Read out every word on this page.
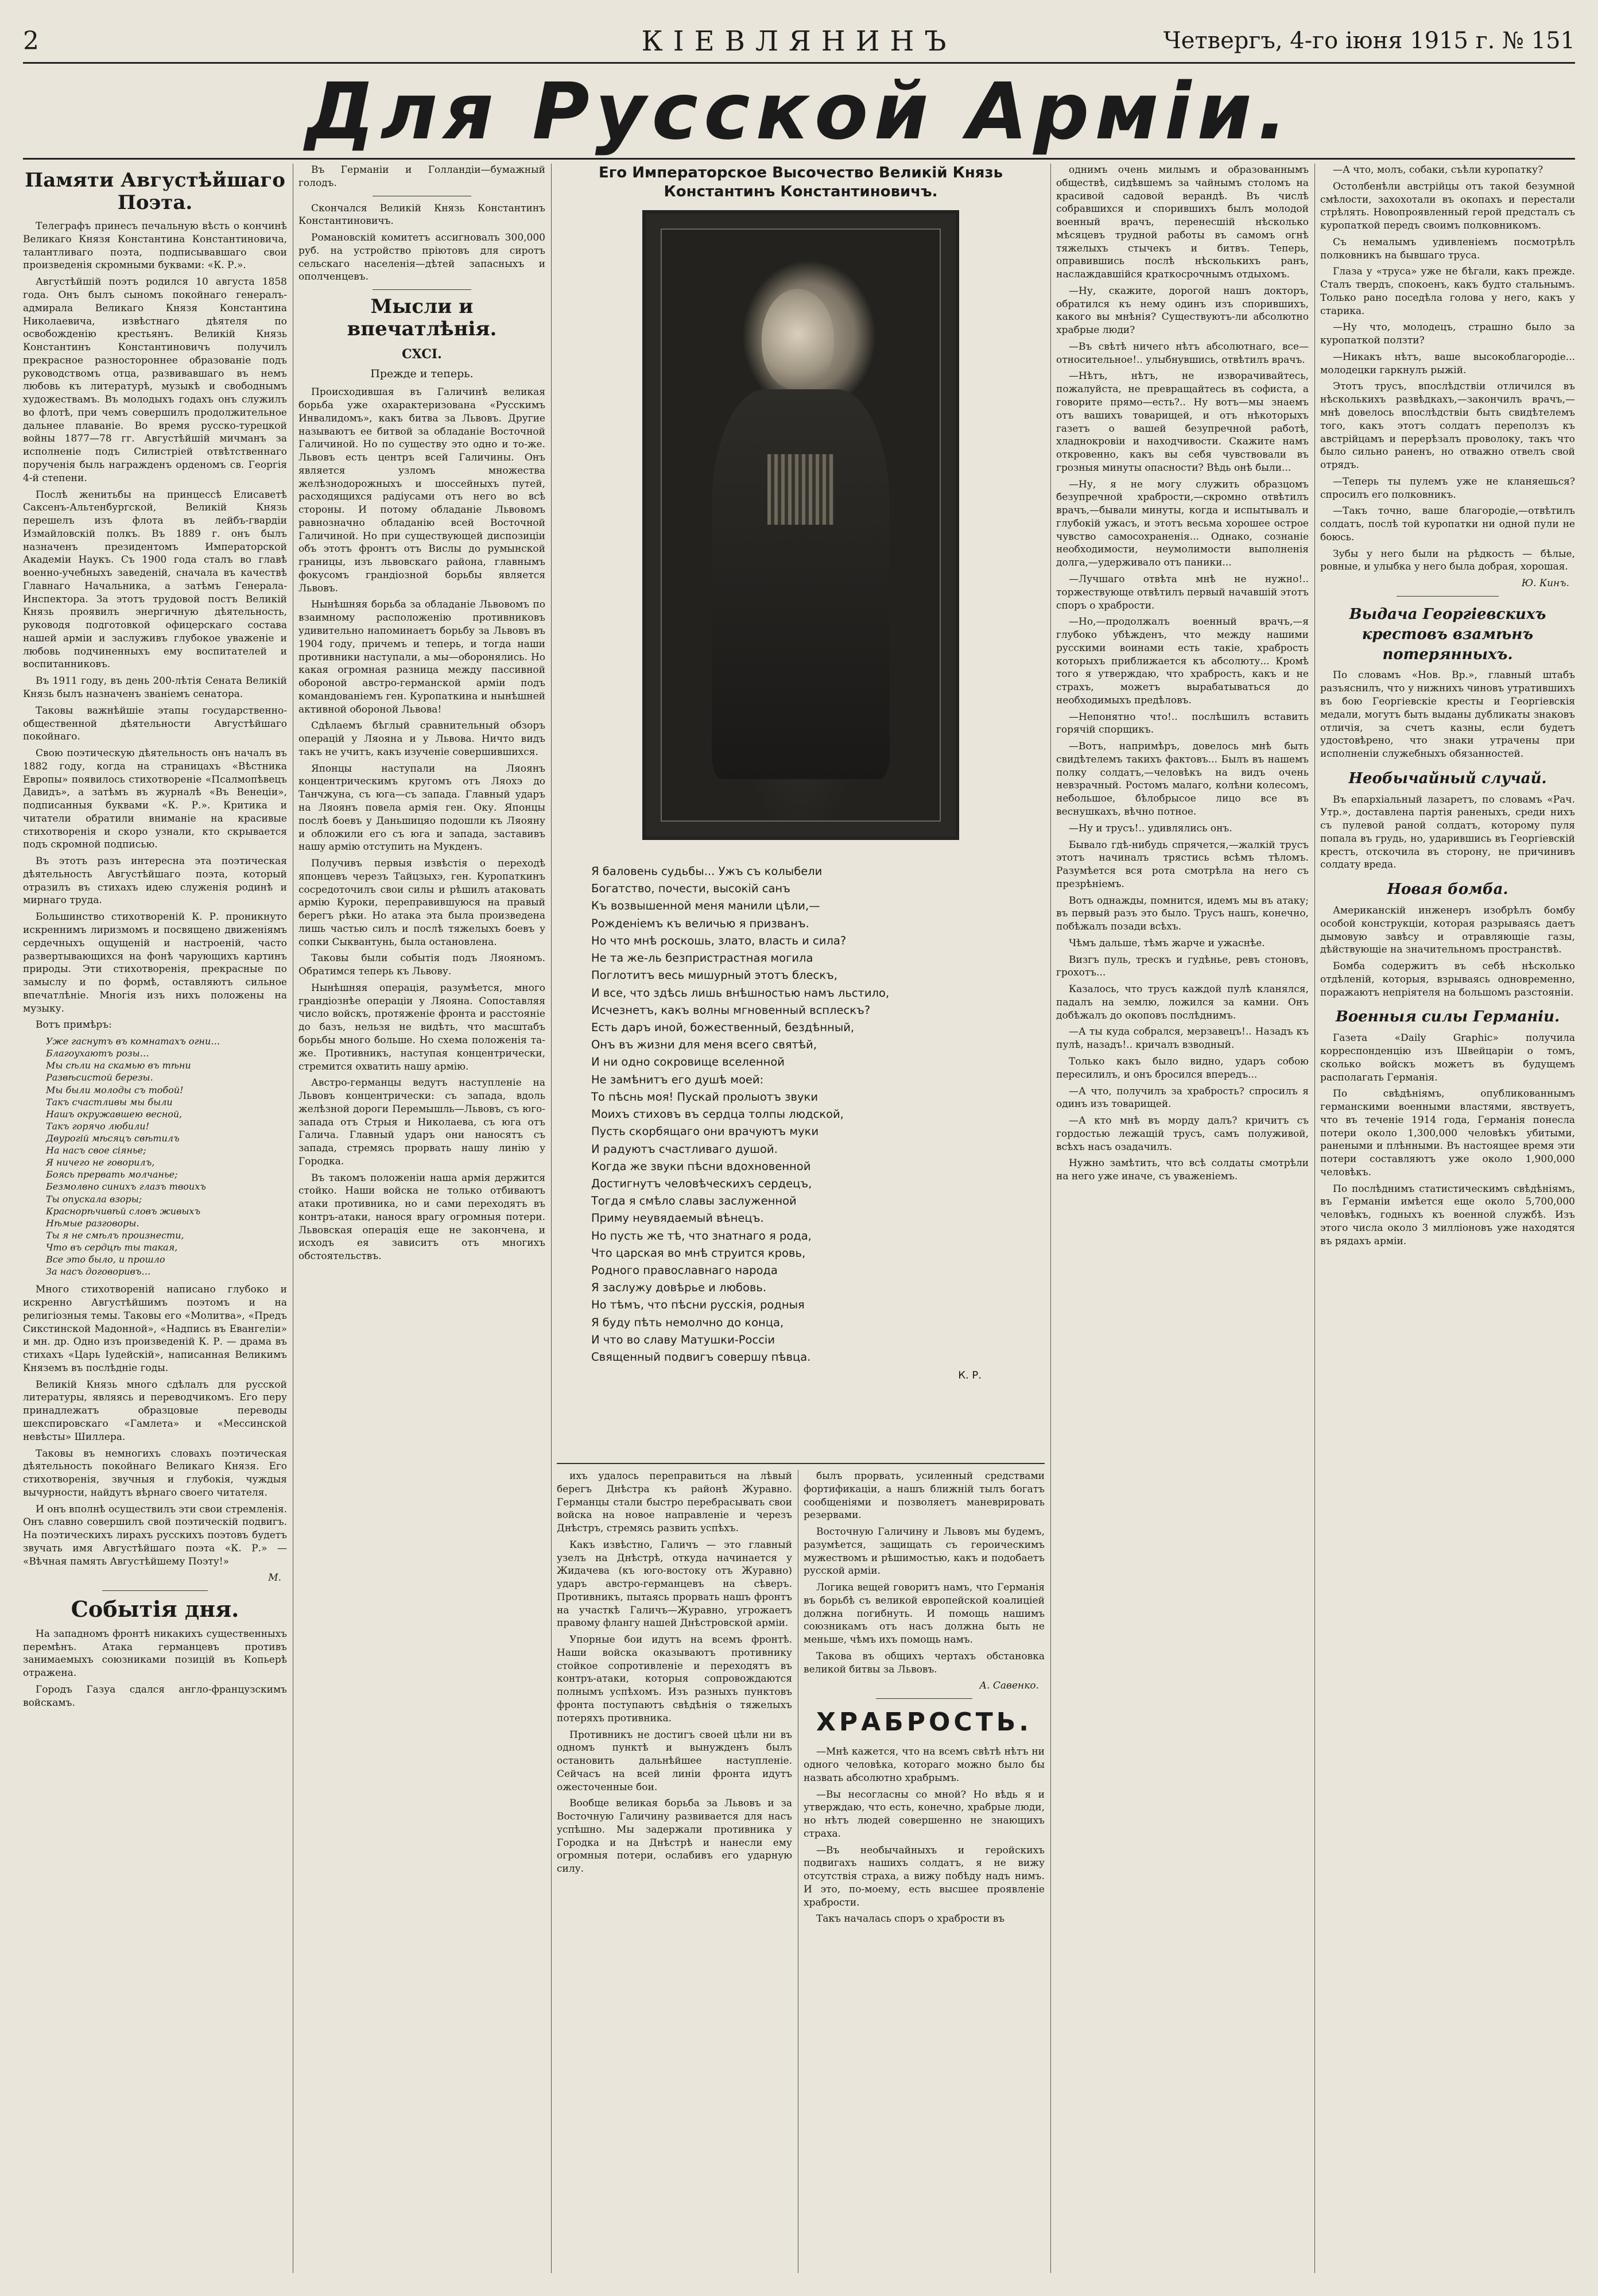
2	КІЕВЛЯНИНЪ	Четвергъ, 4-го іюня 1915 г. № 151
Для Русской Арміи.
Памяти Августѣйшаго Поэта.

Телеграфъ принесъ печальную вѣсть о кончинѣ Великаго Князя Константина Константиновича, талантливаго поэта, подписывавшаго свои произведенія скромными буквами: «К. Р.».

Августѣйшій поэтъ родился 10 августа 1858 года. Онъ былъ сыномъ покойнаго генералъ-адмирала Великаго Князя Константина Николаевича, извѣстнаго дѣятеля по освобожденію крестьянъ. Великій Князь Константинъ Константиновичъ получилъ прекрасное разностороннее образованіе подъ руководствомъ отца, развивавшаго въ немъ любовь къ литературѣ, музыкѣ и свободнымъ художествамъ. Въ молодыхъ годахъ онъ служилъ во флотѣ, при чемъ совершилъ продолжительное дальнее плаваніе. Во время русско-турецкой войны 1877—78 гг. Августѣйшій мичманъ за исполненіе подъ Силистріей отвѣтственнаго порученія быль награжденъ орденомъ св. Георгія 4-й степени.

Послѣ женитьбы на принцессѣ Елисаветѣ Саксенъ-Альтенбургской, Великій Князь перешелъ изъ флота въ лейбъ-гвардіи Измайловскій полкъ. Въ 1889 г. онъ былъ назначенъ президентомъ Императорской Академіи Наукъ. Съ 1900 года сталъ во главѣ военно-учебныхъ заведеній, сначала въ качествѣ Главнаго Начальника, а затѣмъ Генерала-Инспектора. За этотъ трудовой постъ Великій Князь проявилъ энергичную дѣятельность, руководя подготовкой офицерскаго состава нашей арміи и заслуживъ глубокое уваженіе и любовь подчиненныхъ ему воспитателей и воспитанниковъ.

Въ 1911 году, въ день 200-лѣтія Сената Великій Князь былъ назначенъ званіемъ сенатора.

Таковы важнѣйшіе этапы государственно-общественной дѣятельности Августѣйшаго покойнаго.

Свою поэтическую дѣятельность онъ началъ въ 1882 году, когда на страницахъ «Вѣстника Европы» появилось стихотвореніе «Псалмопѣвецъ Давидъ», а затѣмъ въ журналѣ «Въ Венеціи», подписанныя буквами «К. Р.». Критика и читатели обратили вниманіе на красивые стихотворенія и скоро узнали, кто скрывается подъ скромной подписью.

Въ этотъ разъ интересна эта поэтическая дѣятельность Августѣйшаго поэта, который отразилъ въ стихахъ идею служенія родинѣ и мирнаго труда.

Большинство стихотвореній К. Р. проникнуто искреннимъ лиризмомъ и посвящено движеніямъ сердечныхъ ощущеній и настроеній, часто развертывающихся на фонѣ чарующихъ картинъ природы. Эти стихотворенія, прекрасные по замыслу и по формѣ, оставляютъ сильное впечатлѣніе. Многія изъ нихъ положены на музыку.

Вотъ примѣръ:

Уже гаснутъ въ комнатахъ огни…
Благоухаютъ розы…
Мы сѣли на скамью въ тѣни
Развѣсистой березы.
Мы были молоды съ тобой!
Такъ счастливы мы были
Нашъ окружавшею весной,
Такъ горячо любили!
Двурогій мѣсяцъ свѣтилъ
На насъ свое сіянье;
Я ничего не говорилъ,
Боясь прервать молчанье;
Безмолвно синихъ глазъ твоихъ
Ты опускала взоры;
Краснорѣчивѣй словъ живыхъ
Нѣмые разговоры.
Ты я не смѣлъ произнести,
Что въ сердцѣ ты такая,
Все это было, и прошло
За насъ договоривъ…

Много стихотвореній написано глубоко и искренно Августѣйшимъ поэтомъ и на религіозныя темы. Таковы его «Молитва», «Предъ Сикстинской Мадонной», «Надпись въ Евангеліи» и мн. др. Одно изъ произведеній К. Р. — драма въ стихахъ «Царь Іудейскій», написанная Великимъ Княземъ въ послѣдніе годы.

Великій Князь много сдѣлалъ для русской литературы, являясь и переводчикомъ. Его перу принадлежатъ образцовые переводы шекспировскаго «Гамлета» и «Мессинской невѣсты» Шиллера.

Таковы въ немногихъ словахъ поэтическая дѣятельность покойнаго Великаго Князя. Его стихотворенія, звучныя и глубокія, чуждыя вычурности, найдутъ вѣрнаго своего читателя.

И онъ вполнѣ осуществилъ эти свои стремленія. Онъ славно совершилъ свой поэтическій подвигъ. На поэтическихъ лирахъ русскихъ поэтовъ будетъ звучать имя Августѣйшаго поэта «К. Р.» — «Вѣчная память Августѣйшему Поэту!»

М.
Событія дня.

На западномъ фронтѣ никакихъ существенныхъ перемѣнъ. Атака германцевъ противъ занимаемыхъ союзниками позицій въ Копьерѣ отражена.

Городъ Газуа сдался англо-французскимъ войскамъ.

Въ Германіи и Голландіи—бумажный голодъ.

Скончался Великій Князь Константинъ Константиновичъ.

Романовскій комитетъ ассигновалъ 300,000 руб. на устройство пріютовъ для сиротъ сельскаго населенія—дѣтей запасныхъ и ополченцевъ.

Мысли и впечатлѣнія.
CXCI.
Прежде и теперь.

Происходившая въ Галичинѣ великая борьба уже охарактеризована «Русскимъ Инвалидомъ», какъ битва за Львовъ. Другие называютъ ее битвой за обладаніе Восточной Галичиной. Но по существу это одно и то-же. Львовъ есть центръ всей Галичины. Онъ является узломъ множества желѣзнодорожныхъ и шоссейныхъ путей, расходящихся радіусами отъ него во всѣ стороны. И потому обладаніе Львовомъ равнозначно обладанію всей Восточной Галичиной. Но при существующей диспозиціи объ этотъ фронтъ отъ Вислы до румынской границы, изъ львовскаго района, главнымъ фокусомъ грандіозной борьбы является Львовъ.

Нынѣшняя борьба за обладаніе Львовомъ по взаимному расположенію противниковъ удивительно напоминаетъ борьбу за Львовъ въ 1904 году, причемъ и теперь, и тогда наши противники наступали, а мы—оборонялись. Но какая огромная разница между пассивной обороной австро-германской арміи подъ командованіемъ ген. Куропаткина и нынѣшней активной обороной Львова!

Сдѣлаемъ бѣглый сравнительный обзоръ операцій у Ляояна и у Львова. Ничто видъ такъ не учитъ, какъ изученіе совершившихся.

Японцы наступали на Ляоянъ концентрическимъ кругомъ отъ Ляохэ до Танчжуна, съ юга—съ запада. Главный ударъ на Ляоянъ повела армія ген. Оку. Японцы послѣ боевъ у Даньшицяо подошли къ Ляояну и обложили его съ юга и запада, заставивъ нашу армію отступить на Мукденъ.

Получивъ первыя извѣстія о переходѣ японцевъ черезъ Тайцзыхэ, ген. Куропаткинъ сосредоточилъ свои силы и рѣшилъ атаковать армію Куроки, переправившуюся на правый берегъ рѣки. Но атака эта была произведена лишь частью силъ и послѣ тяжелыхъ боевъ у сопки Сыквантунь, была остановлена.

Таковы были событія подъ Ляояномъ. Обратимся теперь къ Львову.

Нынѣшняя операція, разумѣется, много грандіознѣе операціи у Ляояна. Сопоставляя число войскъ, протяженіе фронта и расстояніе до базъ, нельзя не видѣть, что масштабъ борьбы много больше. Но схема положенія та-же. Противникъ, наступая концентрически, стремится охватить нашу армію.

Австро-германцы ведутъ наступленіе на Львовъ концентрически: съ запада, вдоль желѣзной дороги Перемышль—Львовъ, съ юго-запада отъ Стрыя и Николаева, съ юга отъ Галича. Главный ударъ они наносятъ съ запада, стремясь прорвать нашу линію у Городка.

Въ такомъ положеніи наша армія держится стойко. Наши войска не только отбиваютъ атаки противника, но и сами переходятъ въ контръ-атаки, нанося врагу огромныя потери. Львовская операція еще не закончена, и исходъ ея зависитъ отъ многихъ обстоятельствъ.

Его Императорское Высочество Великій Князь
Константинъ Константиновичъ.
Я баловень судьбы... Ужъ съ колыбели
Богатство, почести, высокій санъ
Къ возвышенной меня манили цѣли,—
Рожденіемъ къ величью я призванъ.
Но что мнѣ роскошь, злато, власть и сила?
Не та же-ль безпристрастная могила
Поглотитъ весь мишурный этотъ блескъ,
И все, что здѣсь лишь внѣшностью намъ льстило,
Исчезнетъ, какъ волны мгновенный всплескъ?
Есть даръ иной, божественный, бездѣнный,
Онъ въ жизни для меня всего святѣй,
И ни одно сокровище вселенной
Не замѣнитъ его душѣ моей:
То пѣснь моя! Пускай пролыотъ звуки
Моихъ стиховъ въ сердца толпы людской,
Пусть скорбящаго они врачуютъ муки
И радуютъ счастливаго душой.
Когда же звуки пѣсни вдохновенной
Достигнутъ человѣческихъ сердецъ,
Тогда я смѣло славы заслуженной
Приму неувядаемый вѣнецъ.
Но пусть же тѣ, что знатнаго я рода,
Что царская во мнѣ струится кровь,
Родного православнаго народа
Я заслужу довѣрье и любовь.
Но тѣмъ, что пѣсни русскія, родныя
Я буду пѣть немолчно до конца,
И что во славу Матушки-Россіи
Священный подвигъ совершу пѣвца.
К. Р.

ихъ удалось переправиться на лѣвый берегъ Днѣстра къ районѣ Журавно. Германцы стали быстро перебрасывать свои войска на новое направленіе и черезъ Днѣстръ, стремясь развить успѣхъ.

Какъ извѣстно, Галичъ — это главный узелъ на Днѣстрѣ, откуда начинается у Жидачева (къ юго-востоку отъ Журавно) ударъ австро-германцевъ на сѣверъ. Противникъ, пытаясь прорвать нашъ фронтъ на участкѣ Галичъ—Журавно, угрожаетъ правому флангу нашей Днѣстровской арміи.

Упорные бои идутъ на всемъ фронтѣ. Наши войска оказываютъ противнику стойкое сопротивленіе и переходятъ въ контръ-атаки, которыя сопровождаются полнымъ успѣхомъ. Изъ разныхъ пунктовъ фронта поступаютъ свѣдѣнія о тяжелыхъ потеряхъ противника.

Противникъ не достигъ своей цѣли ни въ одномъ пунктѣ и вынужденъ былъ остановить дальнѣйшее наступленіе. Сейчасъ на всей линіи фронта идутъ ожесточенные бои.

Вообще великая борьба за Львовъ и за Восточную Галичину развивается для насъ успѣшно. Мы задержали противника у Городка и на Днѣстрѣ и нанесли ему огромныя потери, ослабивъ его ударную силу.

былъ прорвать, усиленный средствами фортификаціи, а нашъ ближній тылъ богатъ сообщеніями и позволяетъ маневрировать резервами.

Восточную Галичину и Львовъ мы будемъ, разумѣется, защищать съ героическимъ мужествомъ и рѣшимостью, какъ и подобаетъ русской арміи.

Логика вещей говоритъ намъ, что Германія въ борьбѣ съ великой европейской коалиціей должна погибнуть. И помощь нашимъ союзникамъ отъ насъ должна быть не меньше, чѣмъ ихъ помощь намъ.

Такова въ общихъ чертахъ обстановка великой битвы за Львовъ.

А. Савенко.
ХРАБРОСТЬ.

—Мнѣ кажется, что на всемъ свѣтѣ нѣтъ ни одного человѣка, котораго можно было бы назвать абсолютно храбрымъ.

—Вы несогласны со мной? Но вѣдь я и утверждаю, что есть, конечно, храбрые люди, но нѣтъ людей совершенно не знающихъ страха.

—Въ необычайныхъ и геройскихъ подвигахъ нашихъ солдатъ, я не вижу отсутствія страха, а вижу побѣду надъ нимъ. И это, по-моему, есть высшее проявленіе храбрости.

Такъ началась споръ о храбрости въ

однимъ очень милымъ и образованнымъ обществѣ, сидѣвшемъ за чайнымъ столомъ на красивой садовой верандѣ. Въ числѣ собравшихся и спорившихъ былъ молодой военный врачъ, перенесшій нѣсколько мѣсяцевъ трудной работы въ самомъ огнѣ тяжелыхъ стычекъ и битвъ. Теперь, оправившись послѣ нѣсколькихъ ранъ, наслаждавшійся краткосрочнымъ отдыхомъ.

—Ну, скажите, дорогой нашъ докторъ, обратился къ нему одинъ изъ спорившихъ, какого вы мнѣнія? Существуютъ-ли абсолютно храбрые люди?

—Въ свѣтѣ ничего нѣтъ абсолютнаго, все—относительное!.. улыбнувшись, отвѣтилъ врачъ.

—Нѣтъ, нѣтъ, не изворачивайтесь, пожалуйста, не превращайтесь въ софиста, а говорите прямо—есть?.. Ну вотъ—мы знаемъ отъ вашихъ товарищей, и отъ нѣкоторыхъ газетъ о вашей безупречной работѣ, хладнокровіи и находчивости. Скажите намъ откровенно, какъ вы себя чувствовали въ грозныя минуты опасности? Вѣдь онѣ были...

—Ну, я не могу служить образцомъ безупречной храбрости,—скромно отвѣтилъ врачъ,—бывали минуты, когда и испытывалъ и глубокій ужасъ, и этотъ весьма хорошее острое чувство самосохраненія... Однако, сознаніе необходимости, неумолимости выполненія долга,—удерживало отъ паники...

—Лучшаго отвѣта мнѣ не нужно!.. торжествующе отвѣтилъ первый начавшій этотъ споръ о храбрости.

—Но,—продолжалъ военный врачъ,—я глубоко убѣжденъ, что между нашими русскими воинами есть такіе, храбрость которыхъ приближается къ абсолюту... Кромѣ того я утверждаю, что храбрость, какъ и не страхъ, можетъ вырабатываться до необходимыхъ предѣловъ.

—Непонятно что!.. послѣшилъ вставить горячій спорщикъ.

—Вотъ, напримѣръ, довелось мнѣ быть свидѣтелемъ такихъ фактовъ... Былъ въ нашемъ полку солдатъ,—человѣкъ на видъ очень невзрачный. Ростомъ малаго, колѣни колесомъ, небольшое, бѣлобрысое лицо все въ веснушкахъ, вѣчно потное.

—Ну и трусъ!.. удивлялись онъ.

Бывало гдѣ-нибудь спрячется,—жалкій трусъ этотъ начиналъ трястись всѣмъ тѣломъ. Разумѣется вся рота смотрѣла на него съ презрѣніемъ.

Вотъ однажды, помнится, идемъ мы въ атаку; въ первый разъ это было. Трусъ нашъ, конечно, побѣжалъ позади всѣхъ.

Чѣмъ дальше, тѣмъ жарче и ужаснѣе.

Визгъ пуль, трескъ и гудѣнье, ревъ стоновъ, грохотъ...

Казалось, что трусъ каждой пулѣ кланялся, падалъ на землю, ложился за камни. Онъ добѣжалъ до окоповъ послѣднимъ.

—А ты куда собрался, мерзавецъ!.. Назадъ къ пулѣ, назадъ!.. кричалъ взводный.

Только какъ было видно, ударъ собою пересилилъ, и онъ бросился впередъ...

—А что, получилъ за храбрость? спросилъ я одинъ изъ товарищей.

—А кто мнѣ въ морду далъ? кричитъ съ гордостью лежащій трусъ, самъ полуживой, всѣхъ насъ озадачилъ.

Нужно замѣтить, что всѣ солдаты смотрѣли на него уже иначе, съ уваженіемъ.

—А что, молъ, собаки, съѣли куропатку?

Остолбенѣли австрійцы отъ такой безумной смѣлости, захохотали въ окопахъ и перестали стрѣлять. Новопроявленный герой предсталъ съ куропаткой передъ своимъ полковникомъ.

Съ немалымъ удивленіемъ посмотрѣлъ полковникъ на бывшаго труса.

Глаза у «труса» уже не бѣгали, какъ прежде. Сталъ твердъ, спокоенъ, какъ будто стальнымъ. Только рано поседѣла голова у него, какъ у старика.

—Ну что, молодецъ, страшно было за куропаткой ползти?

—Никакъ нѣтъ, ваше высокоблагородіе... молодецки гаркнулъ рыжій.

Этотъ трусъ, впослѣдствіи отличился въ нѣсколькихъ развѣдкахъ,—закончилъ врачъ,—мнѣ довелось впослѣдствіи быть свидѣтелемъ того, какъ этотъ солдатъ переползъ къ австрійцамъ и перерѣзалъ проволоку, такъ что было сильно раненъ, но отважно отвелъ свой отрядъ.

—Теперь ты пулемъ уже не кланяешься? спросилъ его полковникъ.

—Такъ точно, ваше благородіе,—отвѣтилъ солдатъ, послѣ той куропатки ни одной пули не боюсь.

Зубы у него были на рѣдкость — бѣлые, ровные, и улыбка у него была добрая, хорошая.

Ю. Кинъ.
Выдача Георгіевскихъ крестовъ взамѣнъ потерянныхъ.

По словамъ «Нов. Вр.», главный штабъ разъяснилъ, что у нижнихъ чиновъ утратившихъ въ бою Георгіевскіе кресты и Георгіевскія медали, могутъ быть выданы дубликаты знаковъ отличія, за счетъ казны, если будетъ удостовѣрено, что знаки утрачены при исполненіи служебныхъ обязанностей.

Необычайный случай.

Въ епархіальный лазаретъ, по словамъ «Рач. Утр.», доставлена партія раненыхъ, среди нихъ съ пулевой раной солдатъ, которому пуля попала въ грудь, но, ударившись въ Георгіевскій крестъ, отскочила въ сторону, не причинивъ солдату вреда.

Новая бомба.

Американскій инженеръ изобрѣлъ бомбу особой конструкціи, которая разрываясь даетъ дымовую завѣсу и отравляющіе газы, дѣйствующіе на значительномъ пространствѣ.

Бомба содержитъ въ себѣ нѣсколько отдѣленій, которыя, взрываясь одновременно, поражаютъ непріятеля на большомъ разстояніи.

Военныя силы Германіи.

Газета «Daily Graphic» получила корреспонденцію изъ Швейцаріи о томъ, сколько войскъ можетъ въ будущемъ располагать Германія.

По свѣдѣніямъ, опубликованнымъ германскими военными властями, явствуетъ, что въ теченіе 1914 года, Германія понесла потери около 1,300,000 человѣкъ убитыми, ранеными и плѣнными. Въ настоящее время эти потери составляютъ уже около 1,900,000 человѣкъ.

По послѣднимъ статистическимъ свѣдѣніямъ, въ Германіи имѣется еще около 5,700,000 человѣкъ, годныхъ къ военной службѣ. Изъ этого числа около 3 милліоновъ уже находятся въ рядахъ арміи.
